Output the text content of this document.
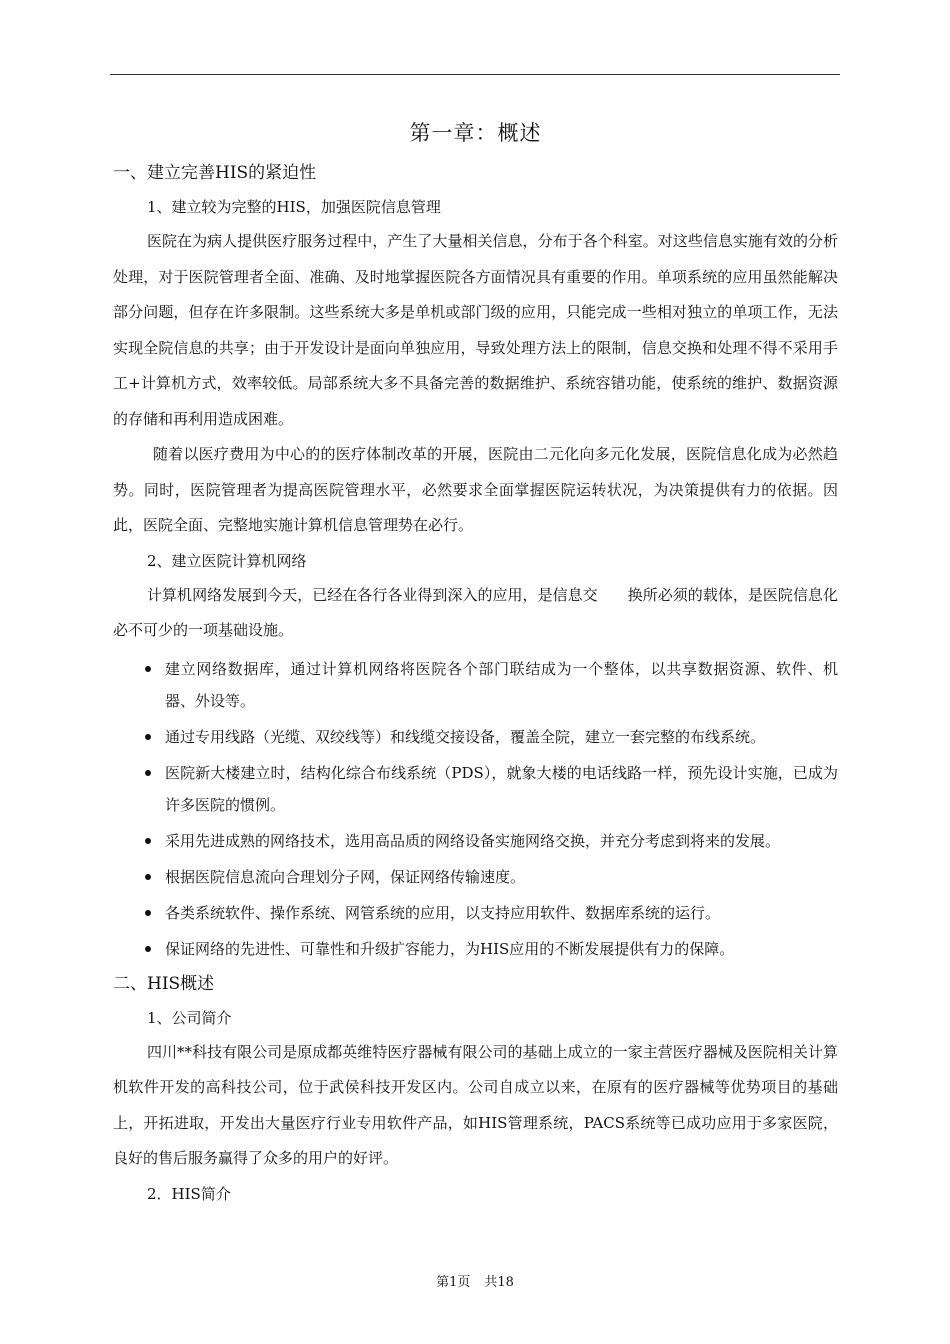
第一章：概述
一、建立完善HIS的紧迫性
1、建立较为完整的HIS，加强医院信息管理

医院在为病人提供医疗服务过程中，产生了大量相关信息，分布于各个科室。对这些信息实施有效的分析处理，对于医院管理者全面、准确、及时地掌握医院各方面情况具有重要的作用。单项系统的应用虽然能解决部分问题，但存在许多限制。这些系统大多是单机或部门级的应用，只能完成一些相对独立的单项工作，无法实现全院信息的共享；由于开发设计是面向单独应用，导致处理方法上的限制，信息交换和处理不得不采用手工+计算机方式，效率较低。局部系统大多不具备完善的数据维护、系统容错功能，使系统的维护、数据资源的存储和再利用造成困难。

随着以医疗费用为中心的的医疗体制改革的开展，医院由二元化向多元化发展，医院信息化成为必然趋势。同时，医院管理者为提高医院管理水平，必然要求全面掌握医院运转状况，为决策提供有力的依据。因此，医院全面、完整地实施计算机信息管理势在必行。

2、建立医院计算机网络

计算机网络发展到今天，已经在各行各业得到深入的应用，是信息交　　换所必须的载体，是医院信息化必不可少的一项基础设施。

建立网络数据库，通过计算机网络将医院各个部门联结成为一个整体，以共享数据资源、软件、机器、外设等。
通过专用线路（光缆、双绞线等）和线缆交接设备，覆盖全院，建立一套完整的布线系统。
医院新大楼建立时，结构化综合布线系统（PDS），就象大楼的电话线路一样，预先设计实施，已成为许多医院的惯例。
采用先进成熟的网络技术，选用高品质的网络设备实施网络交换，并充分考虑到将来的发展。
根据医院信息流向合理划分子网，保证网络传输速度。
各类系统软件、操作系统、网管系统的应用，以支持应用软件、数据库系统的运行。
保证网络的先进性、可靠性和升级扩容能力，为HIS应用的不断发展提供有力的保障。
二、HIS概述
1、公司简介

四川**科技有限公司是原成都英维特医疗器械有限公司的基础上成立的一家主营医疗器械及医院相关计算机软件开发的高科技公司，位于武侯科技开发区内。公司自成立以来，在原有的医疗器械等优势项目的基础上，开拓进取，开发出大量医疗行业专用软件产品，如HIS管理系统，PACS系统等已成功应用于多家医院，良好的售后服务赢得了众多的用户的好评。

2．HIS简介
第1页 共18
